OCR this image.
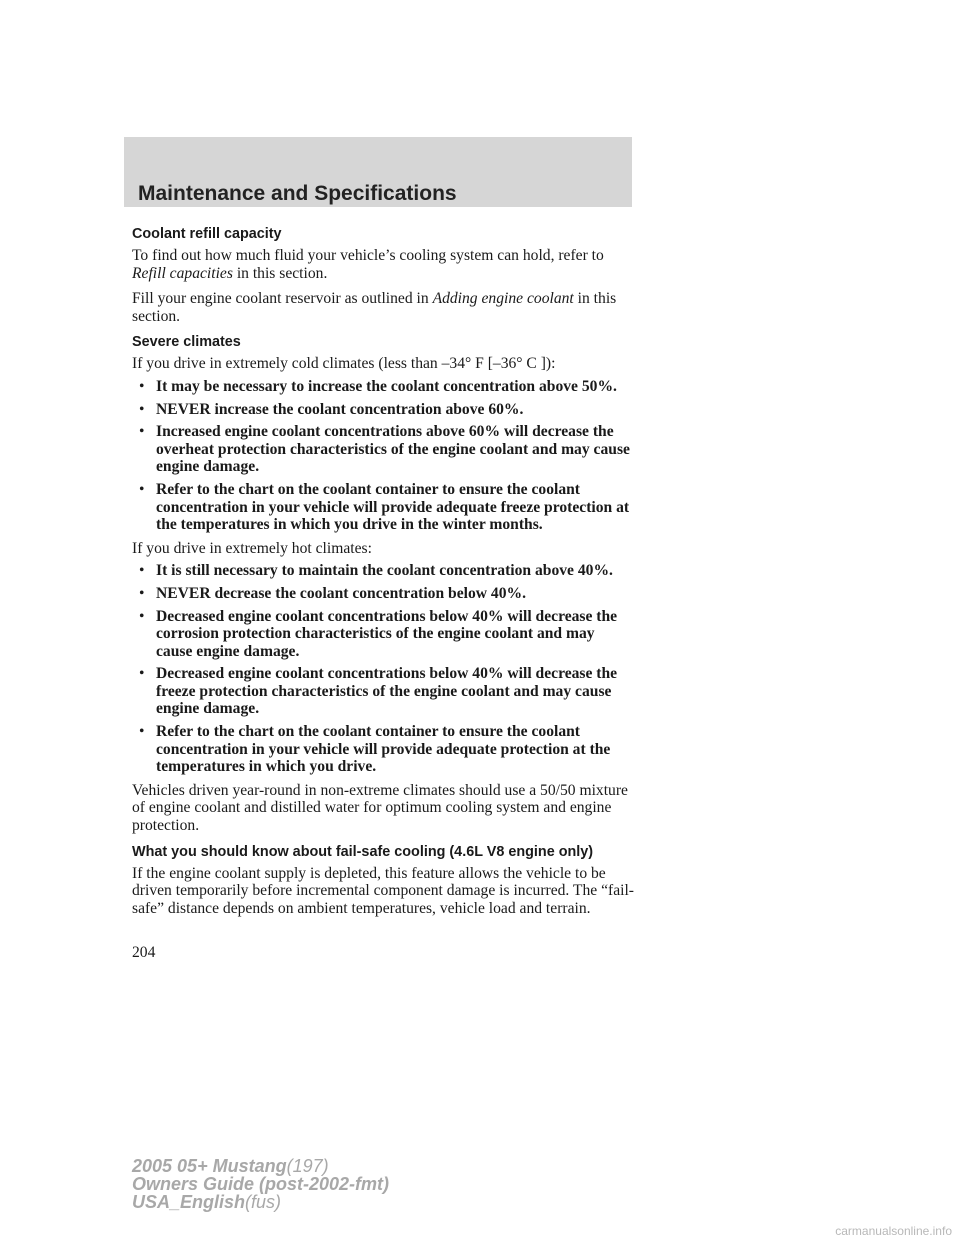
Maintenance and Specifications
Coolant refill capacity

To find out how much fluid your vehicle’s cooling system can hold, refer to Refill capacities in this section.

Fill your engine coolant reservoir as outlined in Adding engine coolant in this section.

Severe climates

If you drive in extremely cold climates (less than –34° F [–36° C ]):

• It may be necessary to increase the coolant concentration above 50%.
• NEVER increase the coolant concentration above 60%.
• Increased engine coolant concentrations above 60% will decrease the overheat protection characteristics of the engine coolant and may cause engine damage.
• Refer to the chart on the coolant container to ensure the coolant concentration in your vehicle will provide adequate freeze protection at the temperatures in which you drive in the winter months.

If you drive in extremely hot climates:

• It is still necessary to maintain the coolant concentration above 40%.
• NEVER decrease the coolant concentration below 40%.
• Decreased engine coolant concentrations below 40% will decrease the corrosion protection characteristics of the engine coolant and may cause engine damage.
• Decreased engine coolant concentrations below 40% will decrease the freeze protection characteristics of the engine coolant and may cause engine damage.
• Refer to the chart on the coolant container to ensure the coolant concentration in your vehicle will provide adequate protection at the temperatures in which you drive.

Vehicles driven year-round in non-extreme climates should use a 50/50 mixture of engine coolant and distilled water for optimum cooling system and engine protection.

What you should know about fail-safe cooling (4.6L V8 engine only)

If the engine coolant supply is depleted, this feature allows the vehicle to be driven temporarily before incremental component damage is incurred. The “fail-safe” distance depends on ambient temperatures, vehicle load and terrain.

204
2005 05+ Mustang(197)
Owners Guide (post-2002-fmt)
USA_English(fus)
carmanualsonline.info
